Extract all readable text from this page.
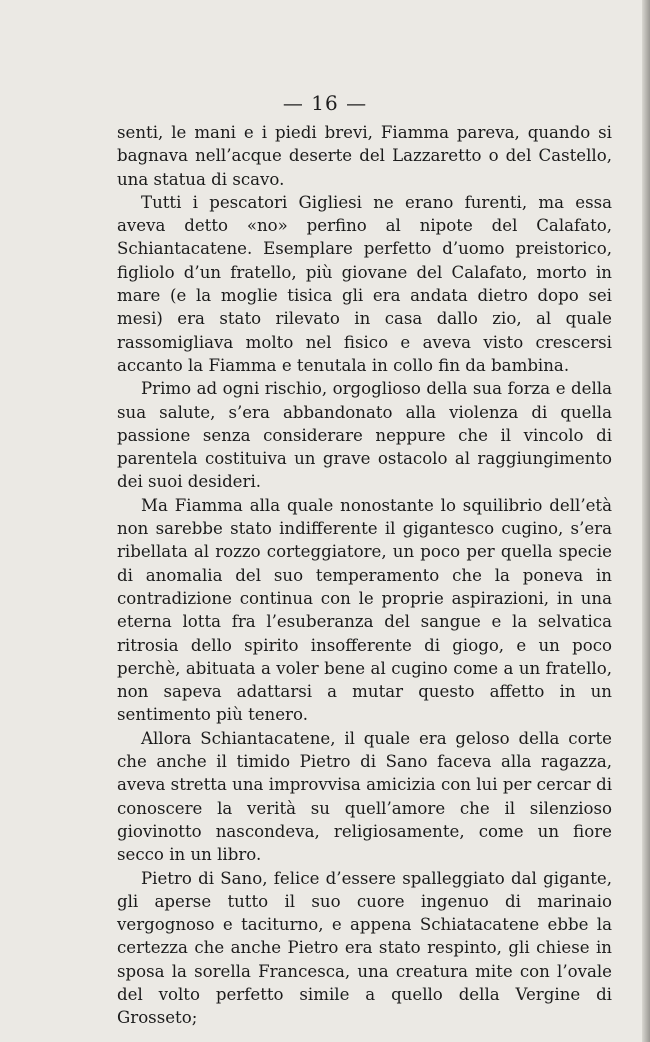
— 16 —

senti, le mani e i piedi brevi, Fiamma pareva, quando si bagnava nell’acque deserte del Lazzaretto o del Castello, una statua di scavo.

Tutti i pescatori Gigliesi ne erano furenti, ma essa aveva detto «no» perfino al nipote del Calafato, Schiantacatene. Esemplare perfetto d’uomo preistorico, figliolo d’un fratello, più giovane del Calafato, morto in mare (e la moglie tisica gli era andata dietro dopo sei mesi) era stato rilevato in casa dallo zio, al quale rassomigliava molto nel fisico e aveva visto crescersi accanto la Fiamma e tenutala in collo fin da bambina.

Primo ad ogni rischio, orgoglioso della sua forza e della sua salute, s’era abbandonato alla violenza di quella passione senza considerare neppure che il vincolo di parentela costituiva un grave ostacolo al raggiungimento dei suoi desideri.

Ma Fiamma alla quale nonostante lo squilibrio dell’età non sarebbe stato indifferente il gigantesco cugino, s’era ribellata al rozzo corteggiatore, un poco per quella specie di anomalia del suo temperamento che la poneva in contradizione continua con le proprie aspirazioni, in una eterna lotta fra l’esuberanza del sangue e la selvatica ritrosia dello spirito insofferente di giogo, e un poco perchè, abituata a voler bene al cugino come a un fratello, non sapeva adattarsi a mutar questo affetto in un sentimento più tenero.

Allora Schiantacatene, il quale era geloso della corte che anche il timido Pietro di Sano faceva alla ragazza, aveva stretta una improvvisa amicizia con lui per cercar di conoscere la verità su quell’amore che il silenzioso giovinotto nascondeva, religiosamente, come un fiore secco in un libro.

Pietro di Sano, felice d’essere spalleggiato dal gigante, gli aperse tutto il suo cuore ingenuo di marinaio vergognoso e taciturno, e appena Schiatacatene ebbe la certezza che anche Pietro era stato respinto, gli chiese in sposa la sorella Francesca, una creatura mite con l’ovale del volto perfetto simile a quello della Vergine di Grosseto;
